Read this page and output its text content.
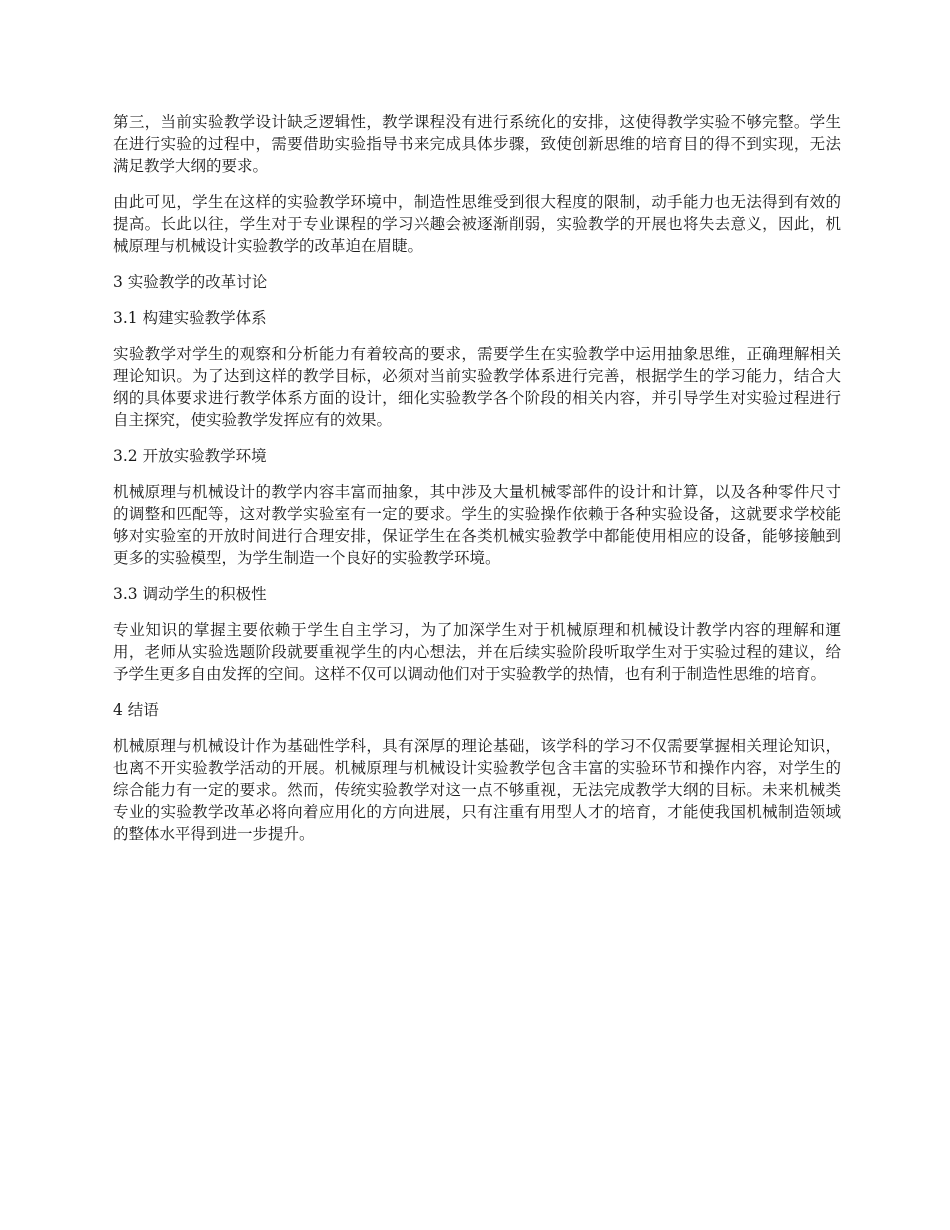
第三，当前实验教学设计缺乏逻辑性，教学课程没有进行系统化的安排，这使得教学实验不够完整。学生在进行实验的过程中，需要借助实验指导书来完成具体步骤，致使创新思维的培育目的得不到实现，无法满足教学大纲的要求。

由此可见，学生在这样的实验教学环境中，制造性思维受到很大程度的限制，动手能力也无法得到有效的提高。长此以往，学生对于专业课程的学习兴趣会被逐渐削弱，实验教学的开展也将失去意义，因此，机械原理与机械设计实验教学的改革迫在眉睫。

3 实验教学的改革讨论
3.1 构建实验教学体系

实验教学对学生的观察和分析能力有着较高的要求，需要学生在实验教学中运用抽象思维，正确理解相关理论知识。为了达到这样的教学目标，必须对当前实验教学体系进行完善，根据学生的学习能力，结合大纲的具体要求进行教学体系方面的设计，细化实验教学各个阶段的相关内容，并引导学生对实验过程进行自主探究，使实验教学发挥应有的效果。

3.2 开放实验教学环境

机械原理与机械设计的教学内容丰富而抽象，其中涉及大量机械零部件的设计和计算，以及各种零件尺寸的调整和匹配等，这对教学实验室有一定的要求。学生的实验操作依赖于各种实验设备，这就要求学校能够对实验室的开放时间进行合理安排，保证学生在各类机械实验教学中都能使用相应的设备，能够接触到更多的实验模型，为学生制造一个良好的实验教学环境。

3.3 调动学生的积极性

专业知识的掌握主要依赖于学生自主学习，为了加深学生对于机械原理和机械设计教学内容的理解和運用，老师从实验选题阶段就要重视学生的内心想法，并在后续实验阶段听取学生对于实验过程的建议，给予学生更多自由发挥的空间。这样不仅可以调动他们对于实验教学的热情，也有利于制造性思维的培育。

4 结语

机械原理与机械设计作为基础性学科，具有深厚的理论基础，该学科的学习不仅需要掌握相关理论知识，也离不开实验教学活动的开展。机械原理与机械设计实验教学包含丰富的实验环节和操作内容，对学生的综合能力有一定的要求。然而，传统实验教学对这一点不够重视，无法完成教学大纲的目标。未来机械类专业的实验教学改革必将向着应用化的方向进展，只有注重有用型人才的培育，才能使我国机械制造领域的整体水平得到进一步提升。
